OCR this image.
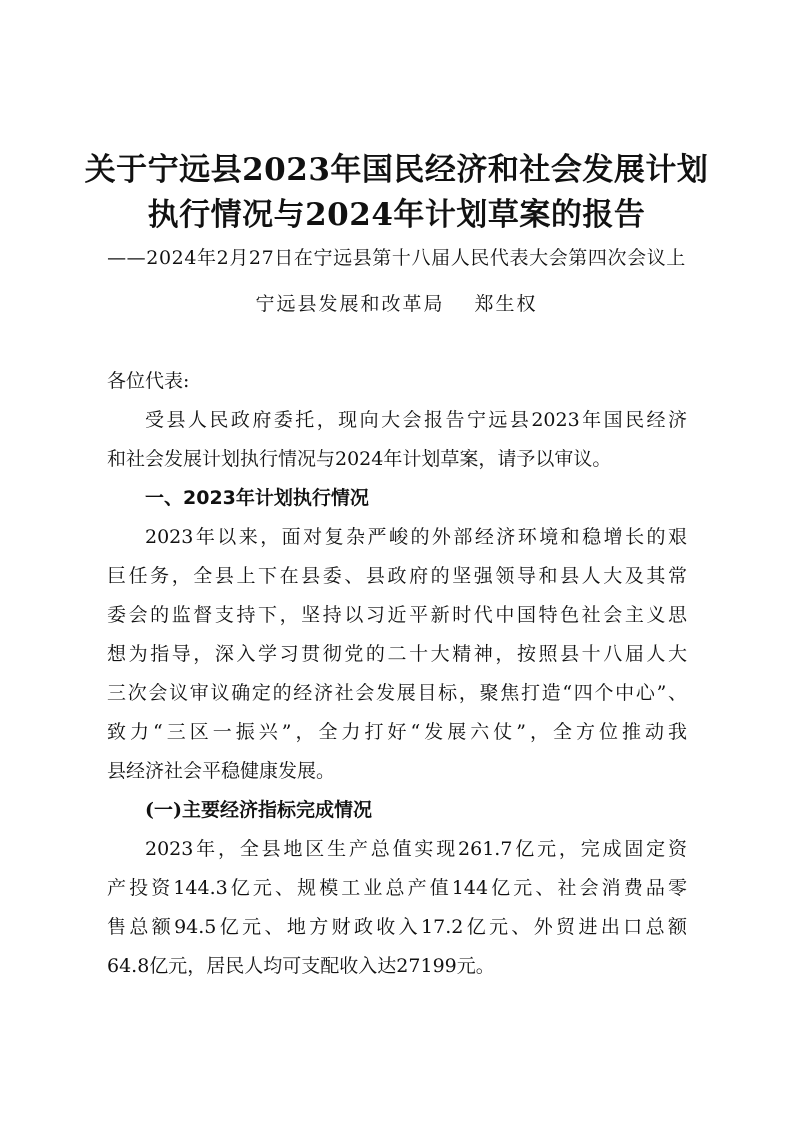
关于宁远县2023年国民经济和社会发展计划
执行情况与2024年计划草案的报告
——2024年2月27日在宁远县第十八届人民代表大会第四次会议上
宁远县发展和改革局 郑生权
各位代表:
受县人民政府委托，现向大会报告宁远县2023年国民经济
和社会发展计划执行情况与2024年计划草案，请予以审议。
一、2023年计划执行情况
2023年以来，面对复杂严峻的外部经济环境和稳增长的艰
巨任务，全县上下在县委、县政府的坚强领导和县人大及其常
委会的监督支持下，坚持以习近平新时代中国特色社会主义思
想为指导，深入学习贯彻党的二十大精神，按照县十八届人大
三次会议审议确定的经济社会发展目标，聚焦打造“四个中心”、
致力“三区一振兴”，全力打好“发展六仗”，全方位推动我
县经济社会平稳健康发展。
(一)主要经济指标完成情况
2023年，全县地区生产总值实现261.7亿元，完成固定资
产投资144.3亿元、规模工业总产值144亿元、社会消费品零
售总额94.5亿元、地方财政收入17.2亿元、外贸进出口总额
64.8亿元，居民人均可支配收入达27199元。
